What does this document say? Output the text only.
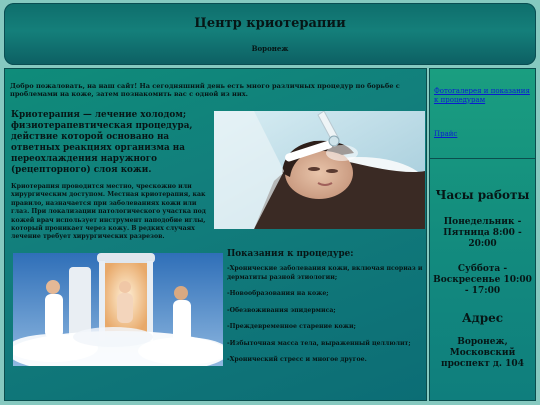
Центр криотерапии
Воронеж
Добро пожаловать, на наш сайт! На сегодняшний день есть много различных процедур по борьбе с проблемами на коже, затем познакомить вас с одной из них.
Криотерапия — лечение холодом; физиотерапевтическая процедура, действие которой основано на ответных реакциях организма на переохлаждения наружного (рецепторного) слоя кожи.
Криотерапия проводится местно, чрескожно или хирургическим доступом. Местная криотерапия, как правило, назначается при заболеваниях кожи или глаз. При локализации патологического участка под кожей врач использует инструмент наподобие иглы, который проникает через кожу. В редких случаях лечение требует хирургических разрезов.
Показания к процедуре:

-Хронические заболевания кожи, включая псориаз и дерматиты разной этиологии;

-Новообразования на коже;

-Обезвоживания эпидермиса;

-Преждевременное старение кожи;

-Избыточная масса тела, выраженный целлюлит;

-Хронический стресс и многое другое.

Фотогалерея и показания к процедурам
Прайс
Часы работы
Понедельник - Пятница 8:00 - 20:00
Суббота - Воскресенье 10:00 - 17:00
Адрес
Воронеж, Московский проспект д. 104
